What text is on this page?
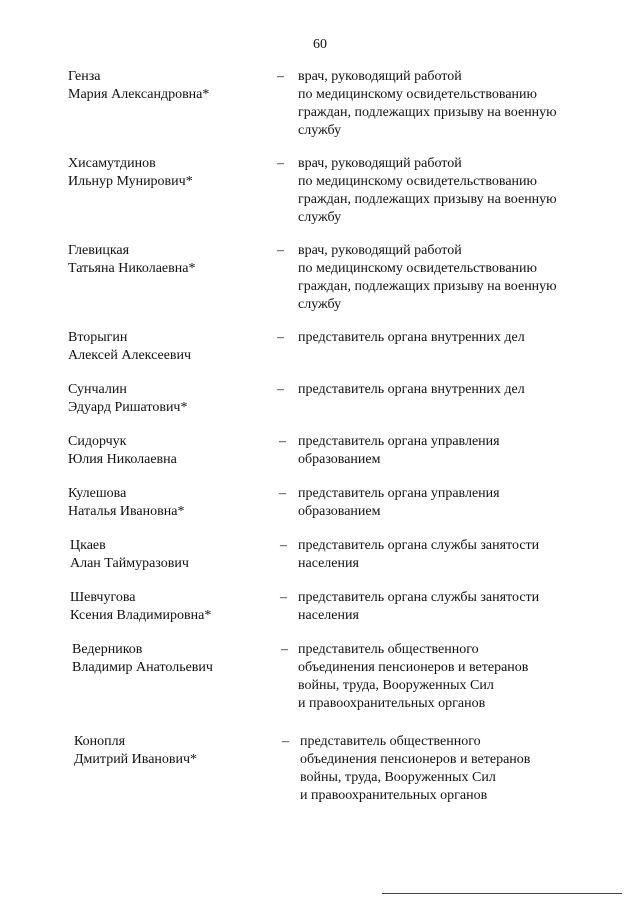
60
Генза
Мария Александровна*
– врач, руководящий работой
по медицинскому освидетельствованию
граждан, подлежащих призыву на военную
службу
Хисамутдинов
Ильнур Мунирович*
– врач, руководящий работой
по медицинскому освидетельствованию
граждан, подлежащих призыву на военную
службу
Глевицкая
Татьяна Николаевна*
– врач, руководящий работой
по медицинскому освидетельствованию
граждан, подлежащих призыву на военную
службу
Вторыгин
Алексей Алексеевич
– представитель органа внутренних дел
Сунчалин
Эдуард Ришатович*
– представитель органа внутренних дел
Сидорчук
Юлия Николаевна
– представитель органа управления
образованием
Кулешова
Наталья Ивановна*
– представитель органа управления
образованием
Цкаев
Алан Таймуразович
– представитель органа службы занятости
населения
Шевчугова
Ксения Владимировна*
– представитель органа службы занятости
населения
Ведерников
Владимир Анатольевич
– представитель общественного
объединения пенсионеров и ветеранов
войны, труда, Вооруженных Сил
и правоохранительных органов
Конопля
Дмитрий Иванович*
– представитель общественного
объединения пенсионеров и ветеранов
войны, труда, Вооруженных Сил
и правоохранительных органов
